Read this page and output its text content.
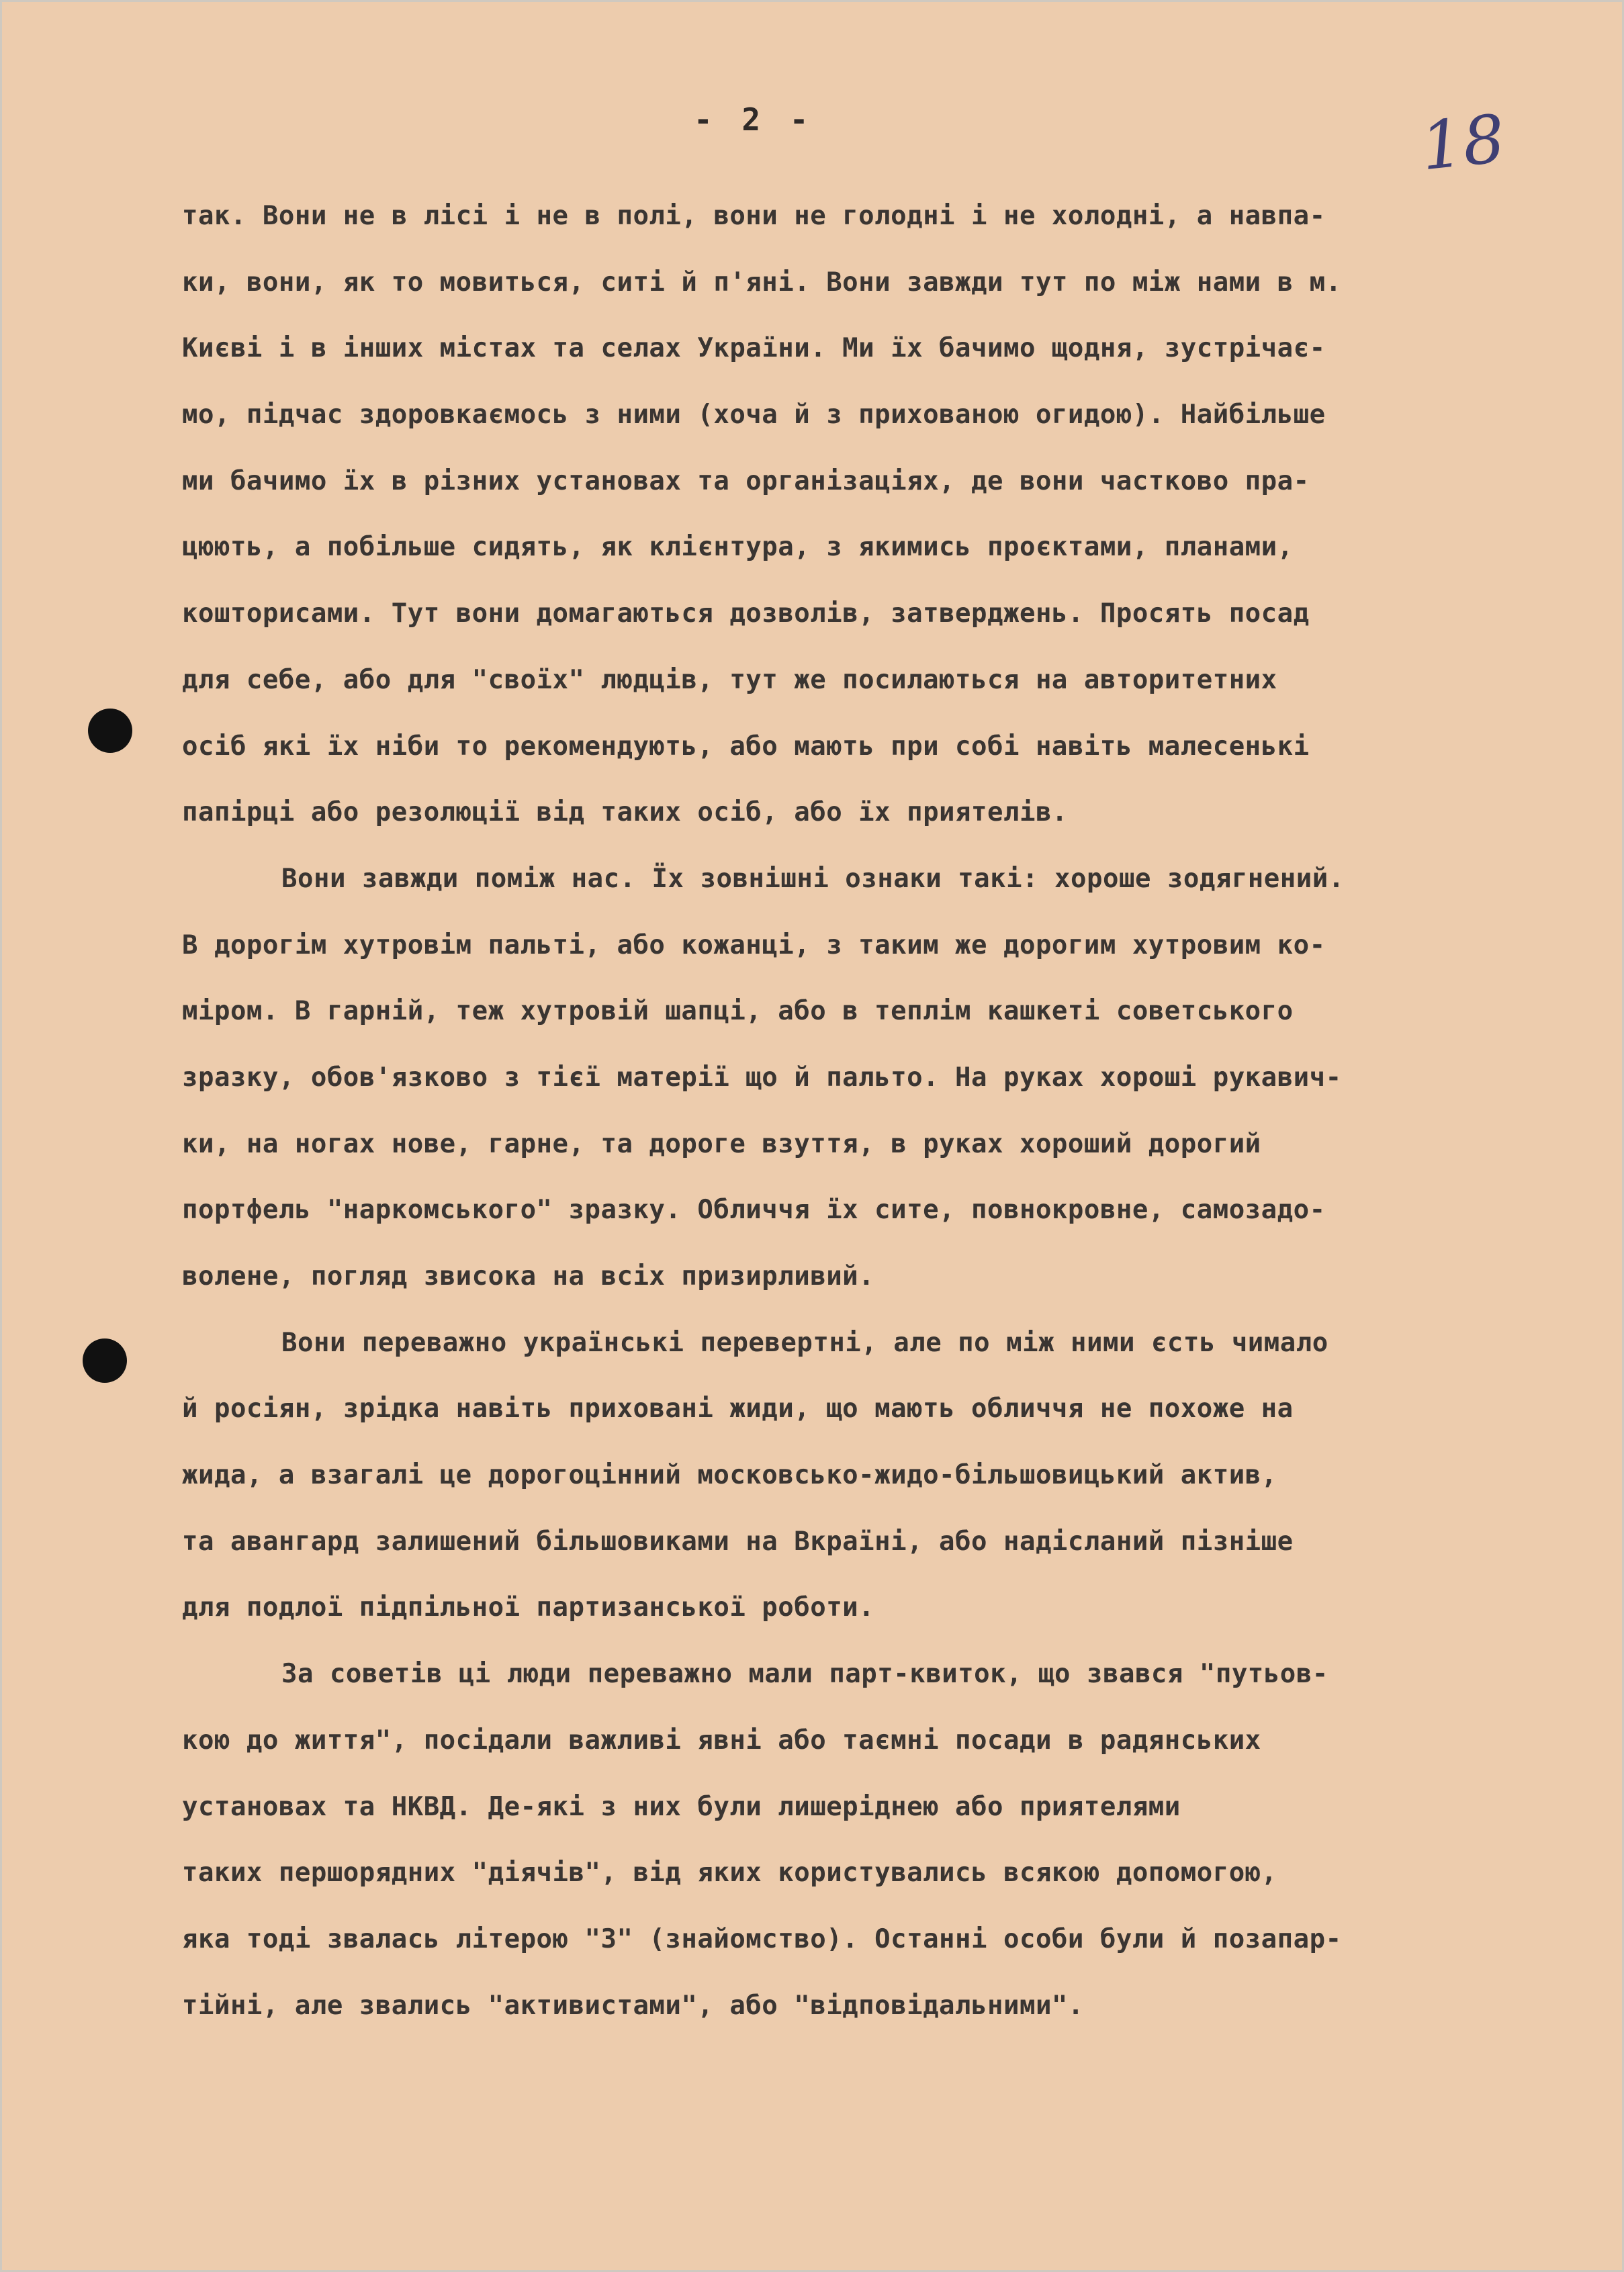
- 2 -	18
так. Вони не в лісі і не в полі, вони не голодні і не холодні, а навпа-
ки, вони, як то мовиться, ситі й п'яні. Вони завжди тут по між нами в м.
Києві і в інших містах та селах України. Ми їх бачимо щодня, зустрічає-
мо, підчас здоровкаємось з ними (хоча й з прихованою огидою). Найбільше
ми бачимо їх в різних установах та організаціях, де вони частково пра-
цюють, а побільше сидять, як клієнтура, з якимись проєктами, планами,
кошторисами. Тут вони домагаються дозволів, затверджень. Просять посад
для себе, або для "своїх" людців, тут же посилаються на авторитетних
осіб які їх ніби то рекомендують, або мають при собі навіть малесенькі
папірці або резолюції від таких осіб, або їх приятелів.
Вони завжди поміж нас. Їх зовнішні ознаки такі: хороше зодягнений.
В дорогім хутровім пальті, або кожанці, з таким же дорогим хутровим ко-
міром. В гарній, теж хутровій шапці, або в теплім кашкеті советського
зразку, обов'язково з тієї матерії що й пальто. На руках хороші рукавич-
ки, на ногах нове, гарне, та дороге взуття, в руках хороший дорогий
портфель "наркомського" зразку. Обличчя їх сите, повнокровне, самозадо-
волене, погляд звисока на всіх призирливий.
Вони переважно українські перевертні, але по між ними єсть чимало
й росіян, зрідка навіть приховані жиди, що мають обличчя не похоже на
жида, а взагалі це дорогоцінний московсько-жидо-більшовицький актив,
та авангард залишений більшовиками на Вкраїні, або надісланий пізніше
для подлої підпільної партизанської роботи.
За советів ці люди переважно мали парт-квиток, що звався "путьов-
кою до життя", посідали важливі явні або таємні посади в радянських
установах та НКВД. Де-які з них були лишеріднею або приятелями
таких першорядних "діячів", від яких користувались всякою допомогою,
яка тоді звалась літерою "З" (знайомство). Останні особи були й позапар-
тійні, але звались "активистами", або "відповідальними".
